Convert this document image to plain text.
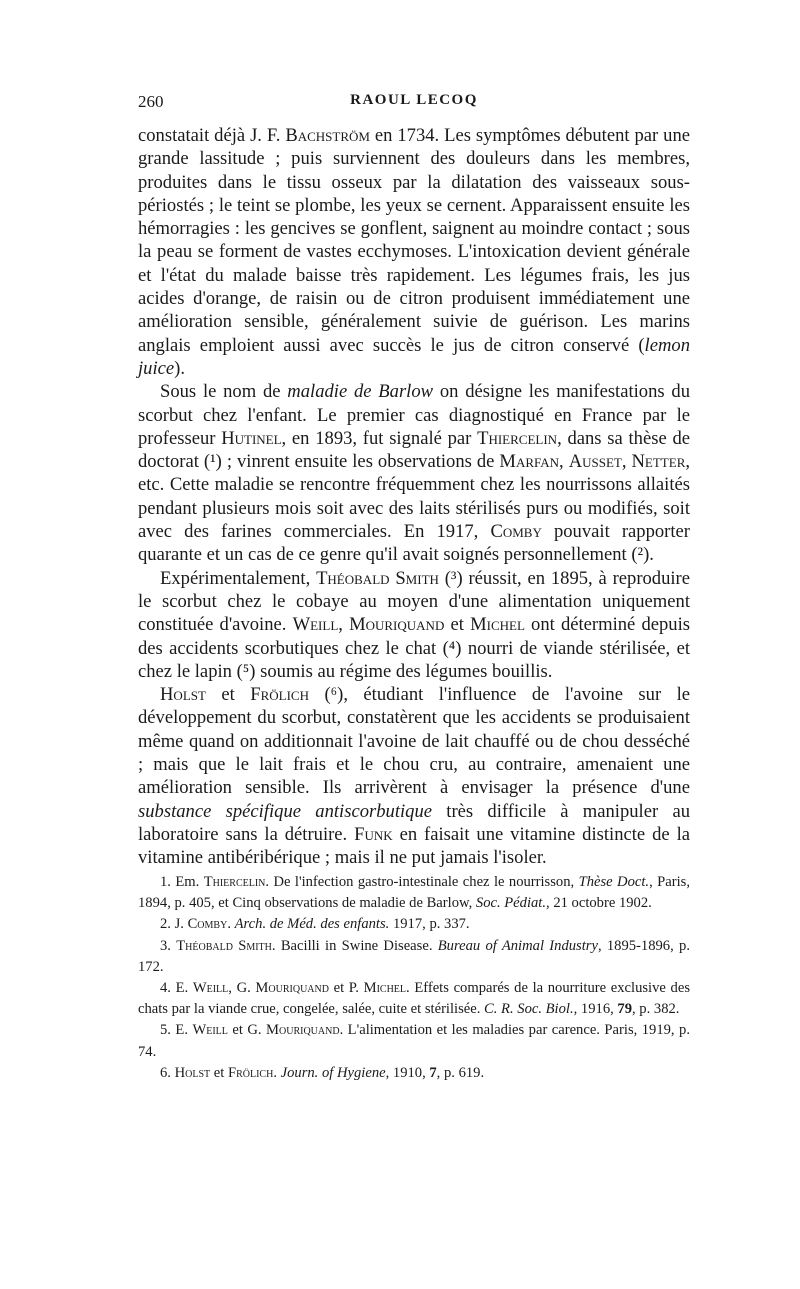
260	RAOUL LECOQ

constatait déjà J. F. Bachström en 1734. Les symptômes débutent par une grande lassitude ; puis surviennent des douleurs dans les membres, produites dans le tissu osseux par la dilatation des vaisseaux sous-périostés ; le teint se plombe, les yeux se cernent. Apparaissent ensuite les hémorragies : les gencives se gonflent, saignent au moindre contact ; sous la peau se forment de vastes ecchymoses. L'intoxication devient générale et l'état du malade baisse très rapidement. Les légumes frais, les jus acides d'orange, de raisin ou de citron produisent immédiatement une amélioration sensible, généralement suivie de guérison. Les marins anglais emploient aussi avec succès le jus de citron conservé (lemon juice).

Sous le nom de maladie de Barlow on désigne les manifestations du scorbut chez l'enfant. Le premier cas diagnostiqué en France par le professeur Hutinel, en 1893, fut signalé par Thiercelin, dans sa thèse de doctorat (¹) ; vinrent ensuite les observations de Marfan, Ausset, Netter, etc. Cette maladie se rencontre fréquemment chez les nourrissons allaités pendant plusieurs mois soit avec des laits stérilisés purs ou modifiés, soit avec des farines commerciales. En 1917, Comby pouvait rapporter quarante et un cas de ce genre qu'il avait soignés personnellement (²).

Expérimentalement, Théobald Smith (³) réussit, en 1895, à reproduire le scorbut chez le cobaye au moyen d'une alimentation uniquement constituée d'avoine. Weill, Mouriquand et Michel ont déterminé depuis des accidents scorbutiques chez le chat (⁴) nourri de viande stérilisée, et chez le lapin (⁵) soumis au régime des légumes bouillis.

Holst et Frölich (⁶), étudiant l'influence de l'avoine sur le développement du scorbut, constatèrent que les accidents se produisaient même quand on additionnait l'avoine de lait chauffé ou de chou desséché ; mais que le lait frais et le chou cru, au contraire, amenaient une amélioration sensible. Ils arrivèrent à envisager la présence d'une substance spécifique antiscorbutique très difficile à manipuler au laboratoire sans la détruire. Funk en faisait une vitamine distincte de la vitamine antibéribérique ; mais il ne put jamais l'isoler.

1. Em. Thiercelin. De l'infection gastro-intestinale chez le nourrisson, Thèse Doct., Paris, 1894, p. 405, et Cinq observations de maladie de Barlow, Soc. Pédiat., 21 octobre 1902.

2. J. Comby. Arch. de Méd. des enfants. 1917, p. 337.

3. Théobald Smith. Bacilli in Swine Disease. Bureau of Animal Industry, 1895-1896, p. 172.

4. E. Weill, G. Mouriquand et P. Michel. Effets comparés de la nourriture exclusive des chats par la viande crue, congelée, salée, cuite et stérilisée. C. R. Soc. Biol., 1916, 79, p. 382.

5. E. Weill et G. Mouriquand. L'alimentation et les maladies par carence. Paris, 1919, p. 74.

6. Holst et Frölich. Journ. of Hygiene, 1910, 7, p. 619.
